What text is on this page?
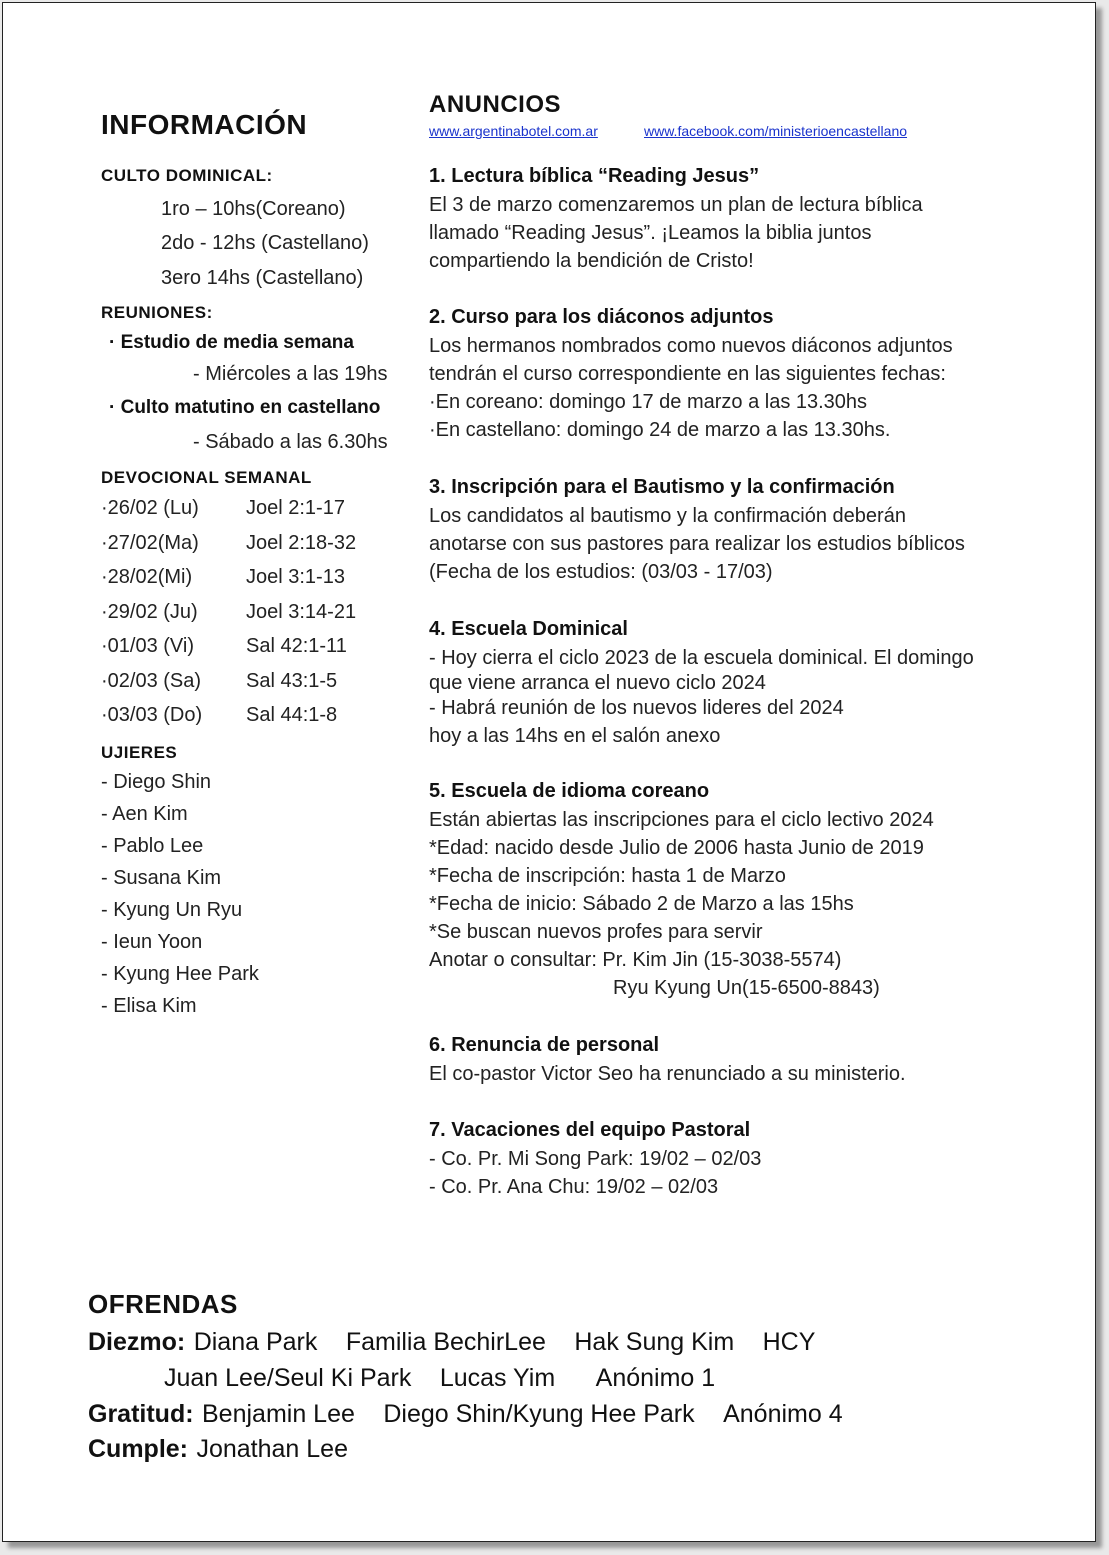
INFORMACIÓN
CULTO DOMINICAL:
1ro – 10hs(Coreano)
2do - 12hs (Castellano)
3ero 14hs (Castellano)
REUNIONES:
· Estudio de media semana
- Miércoles a las 19hs
· Culto matutino en castellano
- Sábado a las 6.30hs
DEVOCIONAL SEMANAL
·26/02 (Lu) Joel 2:1-17
·27/02(Ma) Joel 2:18-32
·28/02(Mi)	Joel 3:1-13
·29/02 (Ju) Joel 3:14-21
·01/03 (Vi)	Sal 42:1-11
·02/03 (Sa) Sal 43:1-5
·03/03 (Do) Sal 44:1-8
UJIERES
- Diego Shin
- Aen Kim
- Pablo Lee
- Susana Kim
- Kyung Un Ryu
- Ieun Yoon
- Kyung Hee Park
- Elisa Kim
ANUNCIOS
www.argentinabotel.com.ar	www.facebook.com/ministerioencastellano
1. Lectura bíblica “Reading Jesus”
El 3 de marzo comenzaremos un plan de lectura bíblica
llamado “Reading Jesus”. ¡Leamos la biblia juntos
compartiendo la bendición de Cristo!
2. Curso para los diáconos adjuntos
Los hermanos nombrados como nuevos diáconos adjuntos
tendrán el curso correspondiente en las siguientes fechas:
·En coreano: domingo 17 de marzo a las 13.30hs
·En castellano: domingo 24 de marzo a las 13.30hs.
3. Inscripción para el Bautismo y la confirmación
Los candidatos al bautismo y la confirmación deberán
anotarse con sus pastores para realizar los estudios bíblicos
(Fecha de los estudios: (03/03 - 17/03)
4. Escuela Dominical
- Hoy cierra el ciclo 2023 de la escuela dominical. El domingo
que viene arranca el nuevo ciclo 2024
- Habrá reunión de los nuevos lideres del 2024
hoy a las 14hs en el salón anexo
5. Escuela de idioma coreano
Están abiertas las inscripciones para el ciclo lectivo 2024
*Edad: nacido desde Julio de 2006 hasta Junio de 2019
*Fecha de inscripción: hasta 1 de Marzo
*Fecha de inicio: Sábado 2 de Marzo a las 15hs
*Se buscan nuevos profes para servir
Anotar o consultar: Pr. Kim Jin (15-3038-5574)
Ryu Kyung Un(15-6500-8843)
6. Renuncia de personal
El co-pastor Victor Seo ha renunciado a su ministerio.
7. Vacaciones del equipo Pastoral
- Co. Pr. Mi Song Park: 19/02 – 02/03
- Co. Pr. Ana Chu: 19/02 – 02/03
OFRENDAS
Diezmo: Diana Park Familia BechirLee Hak Sung Kim HCY
Juan Lee/Seul Ki Park Lucas Yim Anónimo 1
Gratitud: Benjamin Lee Diego Shin/Kyung Hee Park Anónimo 4
Cumple: Jonathan Lee
